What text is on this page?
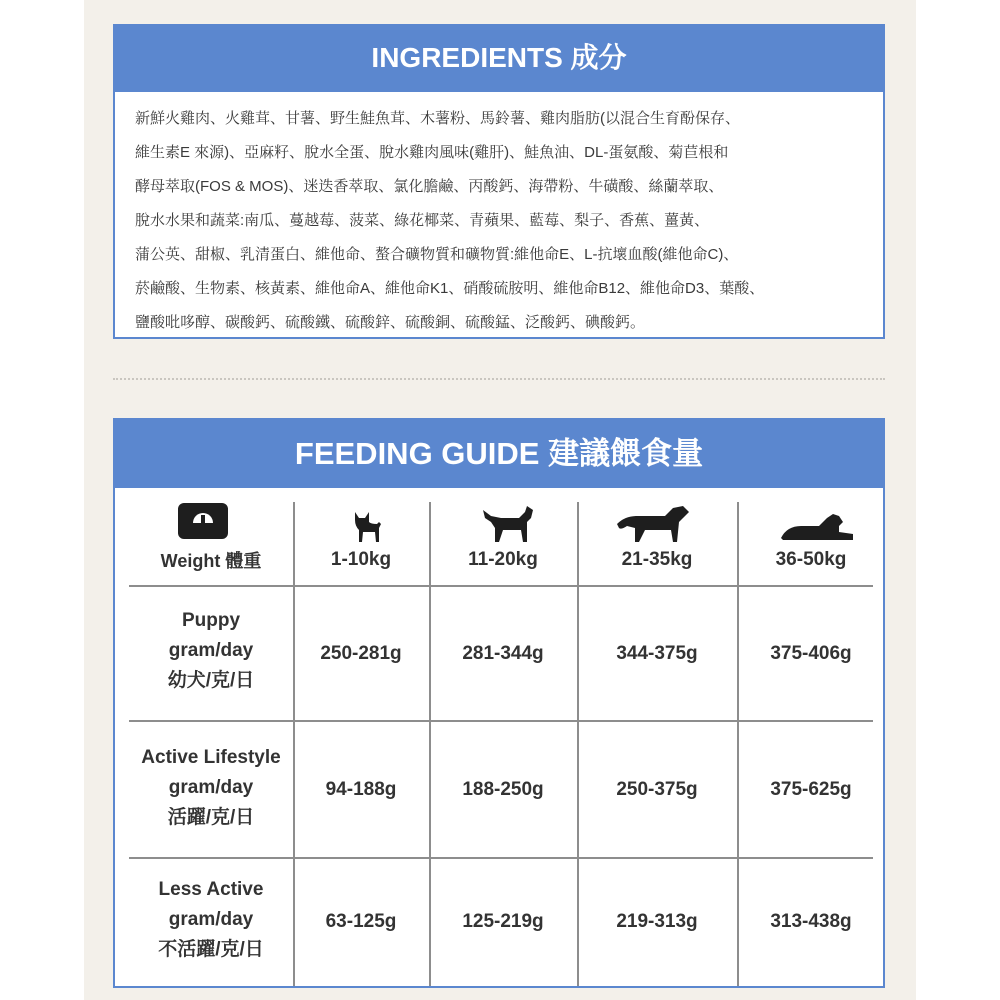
INGREDIENTS 成分
新鮮火雞肉、火雞茸、甘薯、野生鮭魚茸、木薯粉、馬鈴薯、雞肉脂肪(以混合生育酚保存、
維生素E 來源)、亞麻籽、脫水全蛋、脫水雞肉風味(雞肝)、鮭魚油、DL-蛋氨酸、菊苣根和
酵母萃取(FOS & MOS)、迷迭香萃取、氯化膽鹼、丙酸鈣、海帶粉、牛磺酸、絲蘭萃取、
脫水水果和蔬菜:南瓜、蔓越莓、菠菜、綠花椰菜、青蘋果、藍莓、梨子、香蕉、薑黃、
蒲公英、甜椒、乳清蛋白、維他命、螯合礦物質和礦物質:維他命E、L-抗壞血酸(維他命C)、
菸鹼酸、生物素、核黃素、維他命A、維他命K1、硝酸硫胺明、維他命B12、維他命D3、葉酸、
鹽酸吡哆醇、碳酸鈣、硫酸鐵、硫酸鋅、硫酸銅、硫酸錳、泛酸鈣、碘酸鈣。
FEEDING GUIDE 建議餵食量
Weight 體重	1-10kg	11-20kg	21-35kg	36-50kg
Puppy
gram/day
幼犬/克/日
250-281g	281-344g	344-375g	375-406g
Active Lifestyle
gram/day
活躍/克/日
94-188g	188-250g	250-375g	375-625g
Less Active
gram/day
不活躍/克/日
63-125g	125-219g	219-313g	313-438g
